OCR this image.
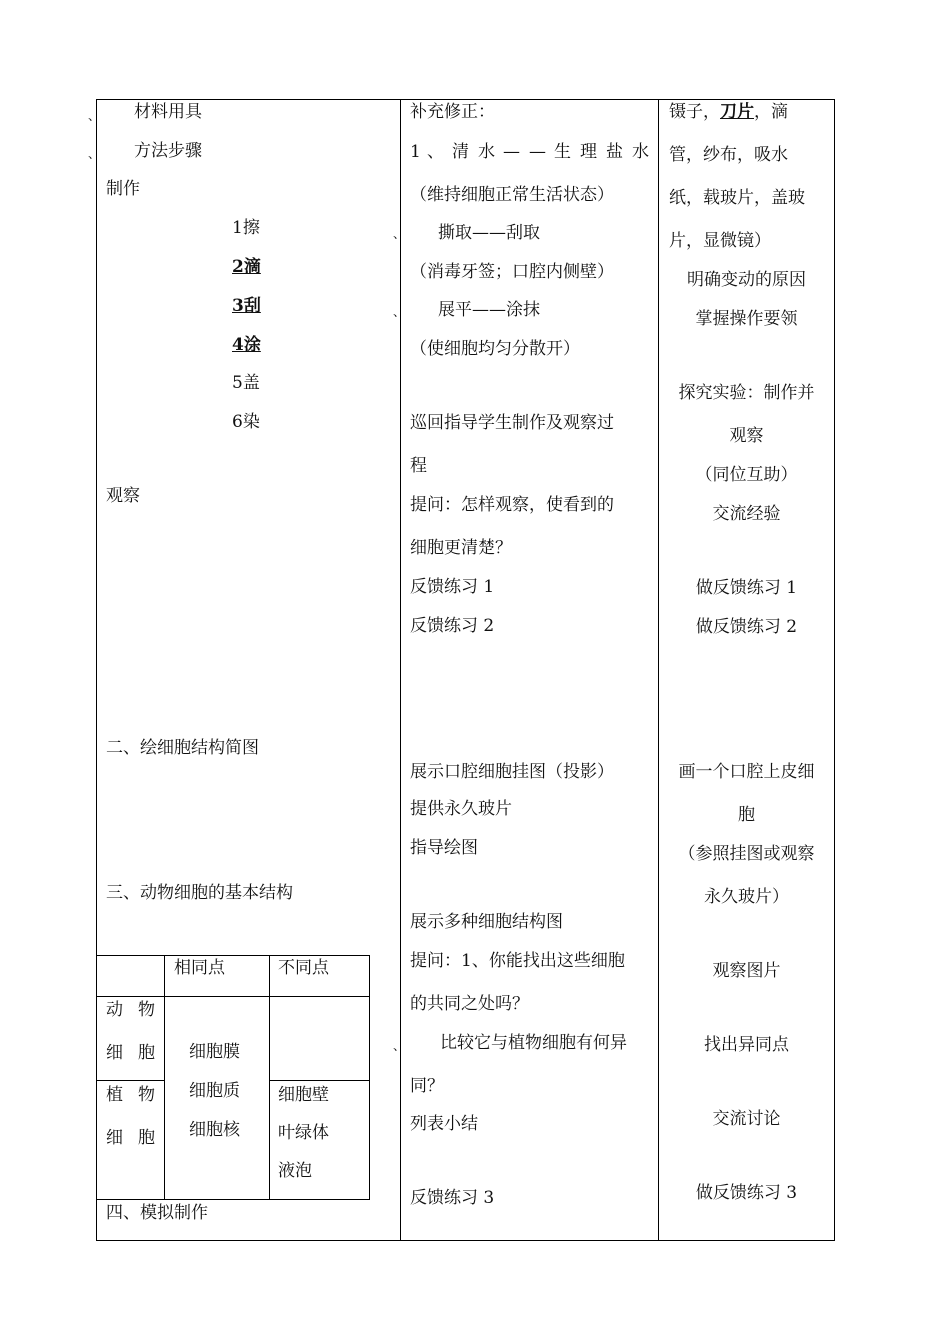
、
、
、
、
、
材料用具
方法步骤
制作
1擦
2滴
3刮
4涂
5盖
6染
观察
二、绘细胞结构简图
三、动物细胞的基本结构
相同点	不同点
动 物
细 胞
植 物
细 胞
细胞膜
细胞质
细胞核
细胞壁
叶绿体
液泡
四、模拟制作
补充修正：
1 、 清 水 — — 生 理 盐 水
（维持细胞正常生活状态）
撕取——刮取
（消毒牙签；口腔内侧壁）
展平——涂抹
（使细胞均匀分散开）
巡回指导学生制作及观察过
程
提问：怎样观察，使看到的
细胞更清楚？
反馈练习 1
反馈练习 2
展示口腔细胞挂图（投影）
提供永久玻片
指导绘图
展示多种细胞结构图
提问：1、你能找出这些细胞
的共同之处吗？
比较它与植物细胞有何异
同？
列表小结
反馈练习 3
镊子，刀片，滴
管，纱布，吸水
纸，载玻片，盖玻
片，显微镜）
明确变动的原因
掌握操作要领
探究实验：制作并
观察
（同位互助）
交流经验
做反馈练习 1
做反馈练习 2
画一个口腔上皮细
胞
（参照挂图或观察
永久玻片）
观察图片
找出异同点
交流讨论
做反馈练习 3
